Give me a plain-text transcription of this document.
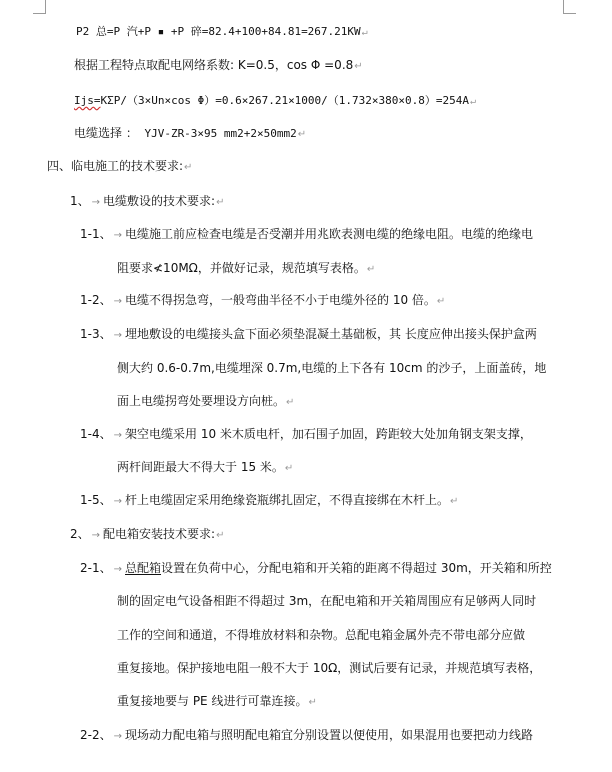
P2 总=P 汽+P ▪ +P 碎=82.4+100+84.81=267.21KW↵
根据工程特点取配电网络系数: K=0.5，cos Φ =0.8↵
Ijs=KΣP/（3×Un×cos Φ）=0.6×267.21×1000/（1.732×380×0.8）=254A↵
电缆选择 ： YJV-ZR-3×95 mm2+2×50mm2↵
四、临电施工的技术要求:↵
1、 → 电缆敷设的技术要求:↵
1-1、 → 电缆施工前应检查电缆是否受潮并用兆欧表测电缆的绝缘电阻。电缆的绝缘电
阻要求≮10MΩ，并做好记录，规范填写表格。↵
1-2、 → 电缆不得拐急弯，一般弯曲半径不小于电缆外径的 10 倍。↵
1-3、 → 埋地敷设的电缆接头盒下面必须垫混凝土基础板，其 长度应伸出接头保护盒两
侧大约 0.6-0.7m,电缆埋深 0.7m,电缆的上下各有 10cm 的沙子，上面盖砖，地
面上电缆拐弯处要埋设方向桩。↵
1-4、 → 架空电缆采用 10 米木质电杆，加石围子加固，跨距较大处加角钢支架支撑，
两杆间距最大不得大于 15 米。↵
1-5、 → 杆上电缆固定采用绝缘瓷瓶绑扎固定，不得直接绑在木杆上。↵
2、 → 配电箱安装技术要求:↵
2-1、 → 总配箱设置在负荷中心，分配电箱和开关箱的距离不得超过 30m，开关箱和所控
制的固定电气设备相距不得超过 3m，在配电箱和开关箱周围应有足够两人同时
工作的空间和通道，不得堆放材料和杂物。总配电箱金属外壳不带电部分应做
重复接地。保护接地电阻一般不大于 10Ω，测试后要有记录，并规范填写表格，
重复接地要与 PE 线进行可靠连接。↵
2-2、 → 现场动力配电箱与照明配电箱宜分别设置以便使用，如果混用也要把动力线路
